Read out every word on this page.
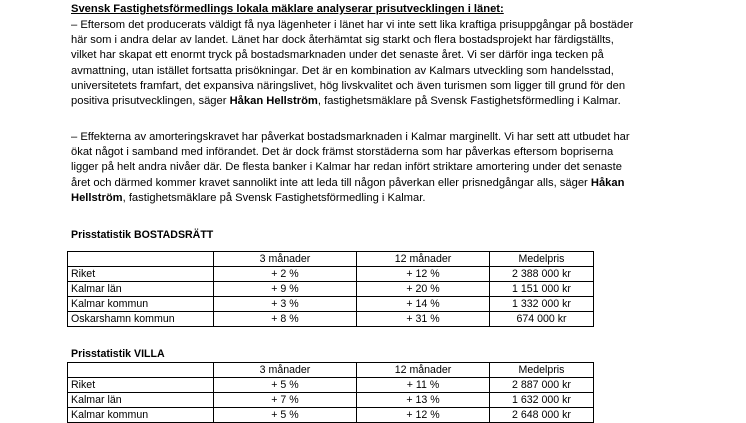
Svensk Fastighetsförmedlings lokala mäklare analyserar prisutvecklingen i länet:
– Eftersom det producerats väldigt få nya lägenheter i länet har vi inte sett lika kraftiga prisuppgångar på bostäder
här som i andra delar av landet. Länet har dock återhämtat sig starkt och flera bostadsprojekt har färdigställts,
vilket har skapat ett enormt tryck på bostadsmarknaden under det senaste året. Vi ser därför inga tecken på
avmattning, utan istället fortsatta prisökningar. Det är en kombination av Kalmars utveckling som handelsstad,
universitetets framfart, det expansiva näringslivet, hög livskvalitet och även turismen som ligger till grund för den
positiva prisutvecklingen, säger Håkan Hellström, fastighetsmäklare på Svensk Fastighetsförmedling i Kalmar.
– Effekterna av amorteringskravet har påverkat bostadsmarknaden i Kalmar marginellt. Vi har sett att utbudet har
ökat något i samband med införandet. Det är dock främst storstäderna som har påverkas eftersom bopriserna
ligger på helt andra nivåer där. De flesta banker i Kalmar har redan infört striktare amortering under det senaste
året och därmed kommer kravet sannolikt inte att leda till någon påverkan eller prisnedgångar alls, säger Håkan
Hellström, fastighetsmäklare på Svensk Fastighetsförmedling i Kalmar.
Prisstatistik BOSTADSRÄTT
	3 månader	12 månader	Medelpris
Riket	+ 2 %	+ 12 %	2 388 000 kr
Kalmar län	+ 9 %	+ 20 %	1 151 000 kr
Kalmar kommun	+ 3 %	+ 14 %	1 332 000 kr
Oskarshamn kommun	+ 8 %	+ 31 %	674 000 kr
Prisstatistik VILLA
	3 månader	12 månader	Medelpris
Riket	+ 5 %	+ 11 %	2 887 000 kr
Kalmar län	+ 7 %	+ 13 %	1 632 000 kr
Kalmar kommun	+ 5 %	+ 12 %	2 648 000 kr
